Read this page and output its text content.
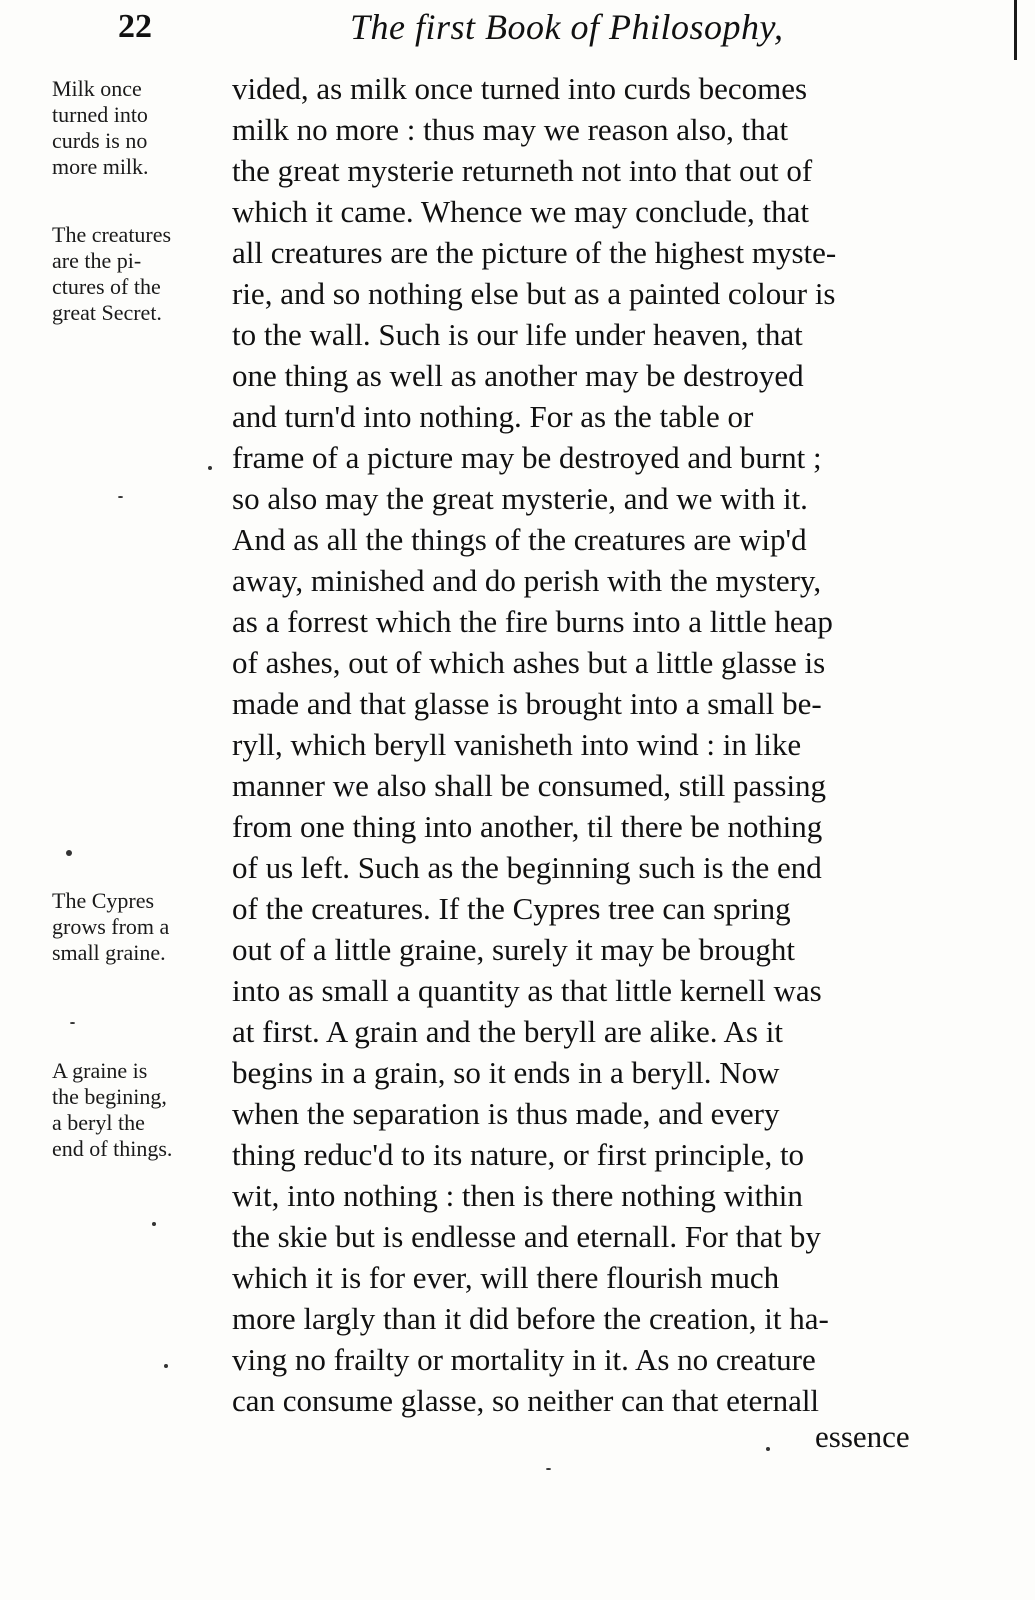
22	The first Book of Philosophy,
Milk once
turned into
curds is no
more milk.
The creatures
are the pi-
ctures of the
great Secret.
The Cypres
grows from a
small graine.
A graine is
the begining,
a beryl the
end of things.
vided, as milk once turned into curds becomes
milk no more : thus may we reason also, that
the great mysterie returneth not into that out of
which it came. Whence we may conclude, that
all creatures are the picture of the highest myste-
rie, and so nothing else but as a painted colour is
to the wall. Such is our life under heaven, that
one thing as well as another may be destroyed
and turn'd into nothing. For as the table or
frame of a picture may be destroyed and burnt ;
so also may the great mysterie, and we with it.
And as all the things of the creatures are wip'd
away, minished and do perish with the mystery,
as a forrest which the fire burns into a little heap
of ashes, out of which ashes but a little glasse is
made and that glasse is brought into a small be-
ryll, which beryll vanisheth into wind : in like
manner we also shall be consumed, still passing
from one thing into another, til there be nothing
of us left. Such as the beginning such is the end
of the creatures. If the Cypres tree can spring
out of a little graine, surely it may be brought
into as small a quantity as that little kernell was
at first. A grain and the beryll are alike. As it
begins in a grain, so it ends in a beryll. Now
when the separation is thus made, and every
thing reduc'd to its nature, or first principle, to
wit, into nothing : then is there nothing within
the skie but is endlesse and eternall. For that by
which it is for ever, will there flourish much
more largly than it did before the creation, it ha-
ving no frailty or mortality in it. As no creature
can consume glasse, so neither can that eternall
essence
